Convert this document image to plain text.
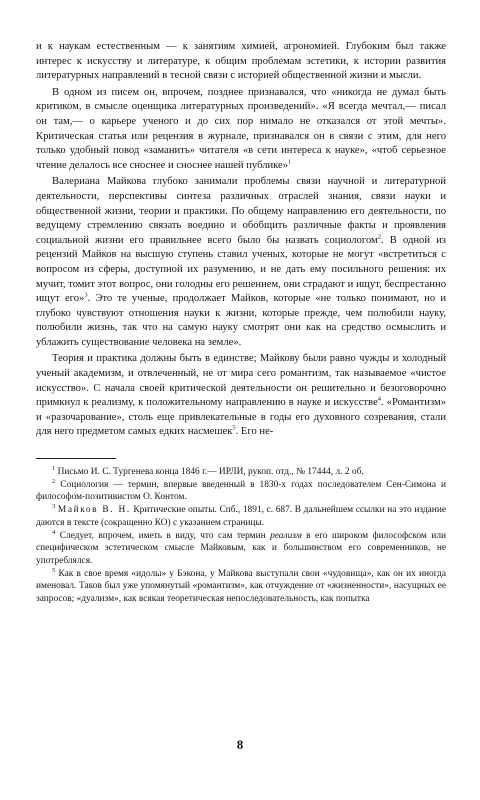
и к наукам естественным — к занятиям химией, агрономией. Глубоким был также интерес к искусству и литературе, к общим проблемам эстетики, к истории развития литературных направлений в тесной связи с историей общественной жизни и мысли.

В одном из писем он, впрочем, позднее признавался, что «никогда не думал быть критиком, в смысле оценщика литературных произведений». «Я всегда мечтал,— писал он там,— о карьере ученого и до сих пор нимало не отказался от этой мечты». Критическая статья или рецензия в журнале, признавался он в связи с этим, для него только удобный повод «заманить» читателя «в сети интереса к науке», «чтоб серьезное чтение делалось все сноснее и сноснее нашей публике»$^1$

Валериана Майкова глубоко занимали проблемы связи научной и литературной деятельности, перспективы синтеза различных отраслей знания, связи науки и общественной жизни, теории и практики. По общему направлению его деятельности, по ведущему стремлению связать воедино и обобщить различные факты и проявления социальной жизни его правильнее всего было бы назвать социологом$^2$. В одной из рецензий Майков на высшую ступень ставил ученых, которые не могут «встретиться с вопросом из сферы, доступной их разумению, и не дать ему посильного решения: их мучит, томит этот вопрос, они голодны его решением, они страдают и ищут, беспрестанно ищут его»$^3$. Это те ученые, продолжает Майков, которые «не только понимают, но и глубоко чувствуют отношения науки к жизни, которые прежде, чем полюбили науку, полюбили жизнь, так что на самую науку смотрят они как на средство осмыслить и ублажить существование человека на земле».

Теория и практика должны быть в единстве; Майкову были равно чужды и холодный ученый академизм, и отвлеченный, не от мира сего романтизм, так называемое «чистое искусство». С начала своей критической деятельности он решительно и безоговорочно примкнул к реализму, к положительному направлению в науке и искусстве$^4$. «Романтизм» и «разочарование», столь еще привлекательные в годы его духовного созревания, стали для него предметом самых едких насмешек$^5$. Его не-

$^1$ Письмо И. С. Тургенева конца 1846 г.— ИРЛИ, рукоп. отд., № 17444, л. 2 об.

$^2$ Социология — термин, впервые введенный в 1830-х годах последователем Сен-Симона и философом-позитивистом О. Контом.

$^3$ Майков В. Н. Критические опыты. Спб., 1891, с. 687. В дальнейшем ссылки на это издание даются в тексте (сокращенно КО) с указанием страницы.

$^4$ Следует, впрочем, иметь в виду, что сам термин реализм в его широком философском или специфическом эстетическом смысле Майковым, как и большинством его современников, не употреблялся.

$^5$ Как в свое время «идолы» у Бэкона, у Майкова выступали свои «чудовища», как он их иногда именовал. Таков был уже упомянутый «романтизм», как отчуждение от «жизненности», насущных ее запросов; «дуализм», как всякая теоретическая непоследовательность, как попытка

8
